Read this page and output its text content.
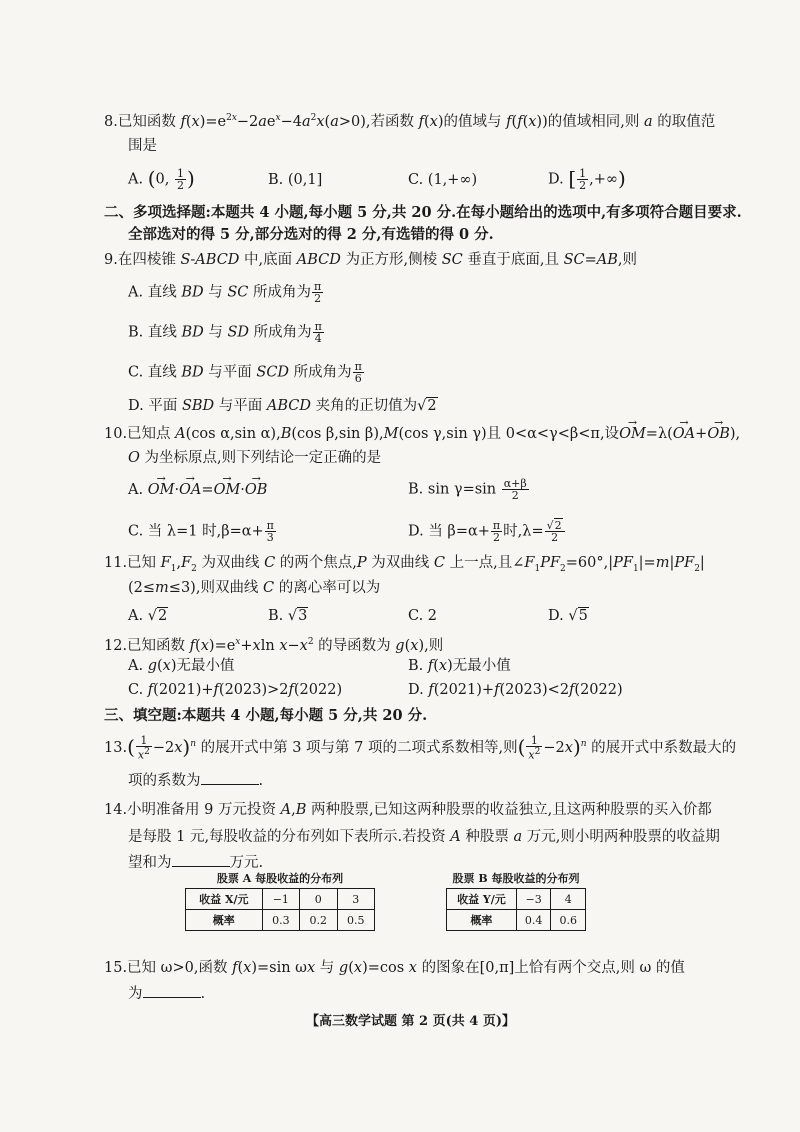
8.已知函数 $f(x)=e^{2x}-2ae^x-4a^2x(a>0)$,若函数 f(x)的值域与 f(f(x))的值域相同,则 a 的取值范
围是
A. (0, $\frac{1}{2}$ )	B. (0,1]	C. (1,+∞)	D. [ $\frac{1}{2}$ ,+∞)
二、多项选择题:本题共 4 小题,每小题 5 分,共 20 分.在每小题给出的选项中,有多项符合题目要求.
全部选对的得 5 分,部分选对的得 2 分,有选错的得 0 分.
9.在四棱锥 S-ABCD 中,底面 ABCD 为正方形,侧棱 SC 垂直于底面,且 SC=AB,则
A. 直线 BD 与 SC 所成角为 $\frac{\pi}{2}$
B. 直线 BD 与 SD 所成角为 $\frac{\pi}{4}$
C. 直线 BD 与平面 SCD 所成角为 $\frac{\pi}{6}$
D. 平面 SBD 与平面 ABCD 夹角的正切值为√2
10.已知点 A(cos α,sin α),B(cos β,sin β),M(cos γ,sin γ)且 0<α<γ<β<π,设→ OM=λ(→ OA+→ OB),
O 为坐标原点,则下列结论一定正确的是
A. → OM·→ OA=→ OM·→ OB	B. $\sin \gamma=\sin \frac{\alpha+\beta}{2}$
C. 当 λ=1 时$,\beta=\alpha+ \frac{\pi}{3}$	D. 当 $\beta=\alpha+ \frac{\pi}{2}$ 时$,\lambda= \frac{√2}{2}$
11.已知 $F_1,F_2$ 为双曲线 C 的两个焦点,P 为双曲线 C 上一点,且$\angle F_1PF_2=60^\circ,|PF_1|=m|PF_2|$
(2≤m≤3),则双曲线 C 的离心率可以为
A. √2	B. √3	C. 2	D. √5
12.已知函数 $f(x)=e^x+xln$ $x-x^2$ 的导函数为 g(x),则
A. g(x)无最小值	B. f(x)无最小值
C. f(2021)+f(2023)>2f(2022)	D. f(2021)+f(2023)<2f(2022)
三、填空题:本题共 4 小题,每小题 5 分,共 20 分.
$13.( \frac{1}{x^2} -2x)^n$ 的展开式中第 3 项与第 7 项的二项式系数相等,则( $\frac{1}{x^2} -2x)^n$ 的展开式中系数最大的
项的系数为	.
14.小明准备用 9 万元投资 A,B 两种股票,已知这两种股票的收益独立,且这两种股票的买入价都
是每股 1 元,每股收益的分布列如下表所示.若投资 A 种股票 a 万元,则小明两种股票的收益期
望和为	万元.
股票 A 每股收益的分布列
收益 X/元	−1	0	3
概率	0.3	0.2	0.5
股票 B 每股收益的分布列
收益 Y/元	−3	4
概率	0.4	0.6
15.已知 ω>0,函数 f(x)=sin ωx 与 g(x)=cos x 的图象在[0,π]上恰有两个交点,则 ω 的值
为	.
【高三数学试题 第 2 页(共 4 页)】
